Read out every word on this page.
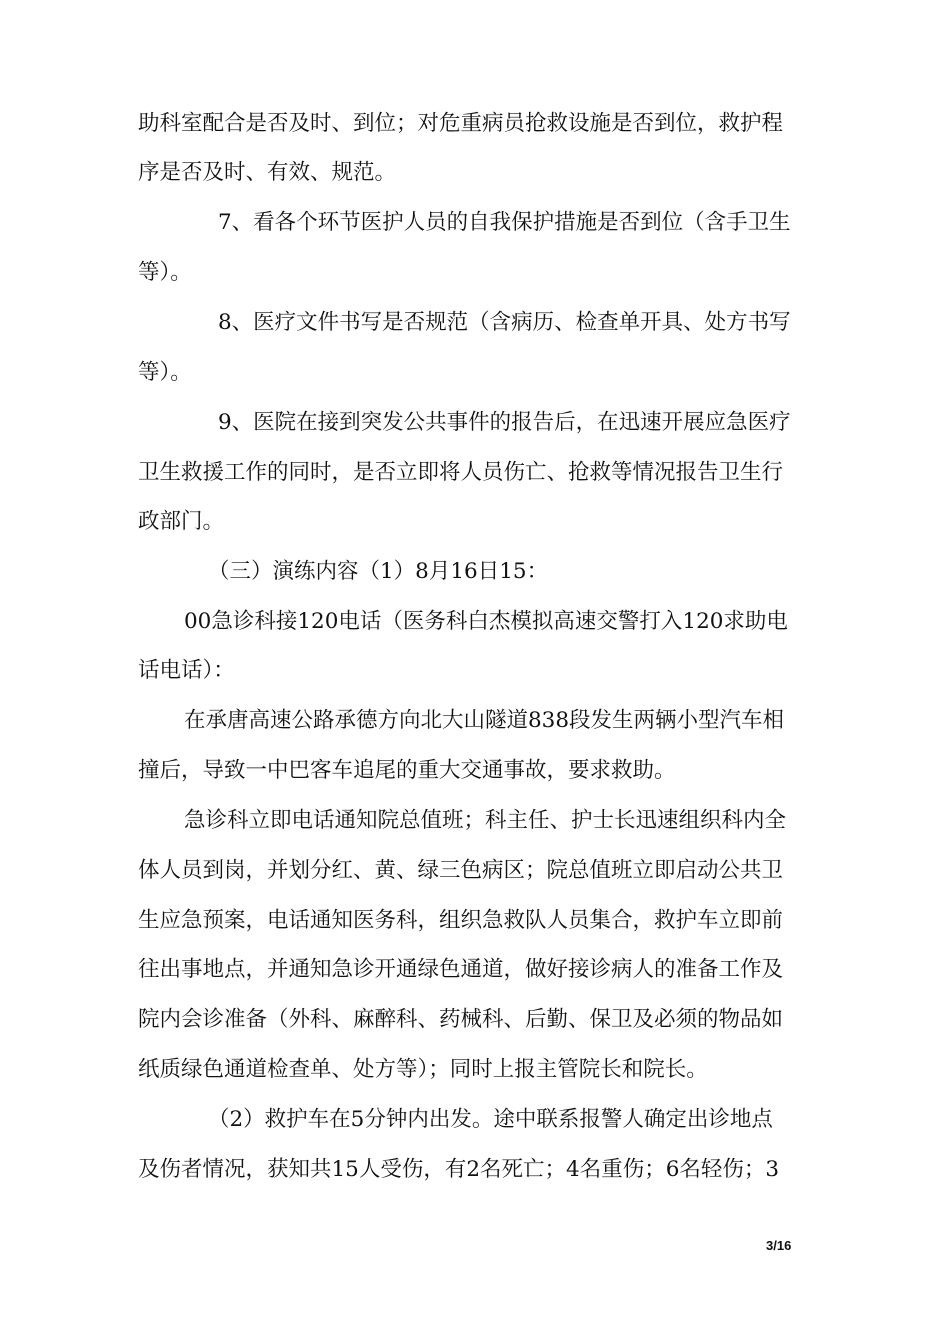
助科室配合是否及时、到位；对危重病员抢救设施是否到位，救护程
序是否及时、有效、规范。
7、看各个环节医护人员的自我保护措施是否到位（含手卫生
等）。
8、医疗文件书写是否规范（含病历、检查单开具、处方书写
等）。
9、医院在接到突发公共事件的报告后，在迅速开展应急医疗
卫生救援工作的同时，是否立即将人员伤亡、抢救等情况报告卫生行
政部门。
（三）演练内容（1）8月16日15：
00急诊科接120电话（医务科白杰模拟高速交警打入120求助电
话电话）：
在承唐高速公路承德方向北大山隧道838段发生两辆小型汽车相
撞后，导致一中巴客车追尾的重大交通事故，要求救助。
急诊科立即电话通知院总值班；科主任、护士长迅速组织科内全
体人员到岗，并划分红、黄、绿三色病区；院总值班立即启动公共卫
生应急预案，电话通知医务科，组织急救队人员集合，救护车立即前
往出事地点，并通知急诊开通绿色通道，做好接诊病人的准备工作及
院内会诊准备（外科、麻醉科、药械科、后勤、保卫及必须的物品如
纸质绿色通道检查单、处方等）；同时上报主管院长和院长。
（2）救护车在5分钟内出发。途中联系报警人确定出诊地点
及伤者情况，获知共15人受伤，有2名死亡；4名重伤；6名轻伤；3
3/16
